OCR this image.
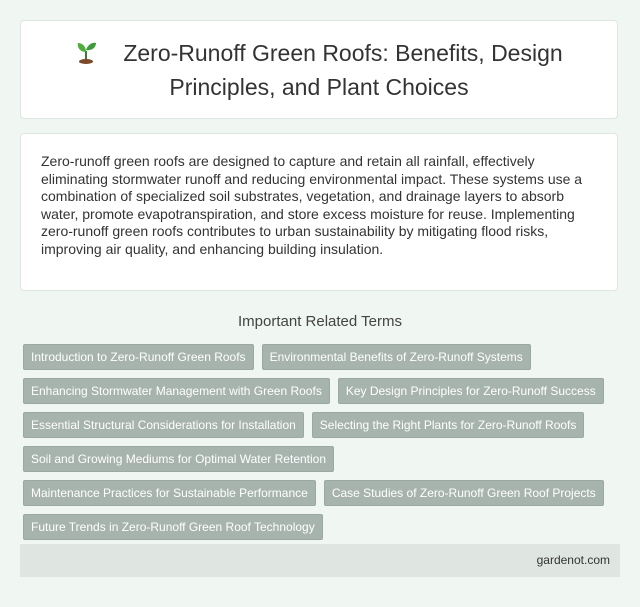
Zero-Runoff Green Roofs: Benefits, Design Principles, and Plant Choices

Zero-runoff green roofs are designed to capture and retain all rainfall, effectively eliminating stormwater runoff and reducing environmental impact. These systems use a combination of specialized soil substrates, vegetation, and drainage layers to absorb water, promote evapotranspiration, and store excess moisture for reuse. Implementing zero-runoff green roofs contributes to urban sustainability by mitigating flood risks, improving air quality, and enhancing building insulation.

Important Related Terms
Introduction to Zero-Runoff Green Roofs	Environmental Benefits of Zero-Runoff Systems
Enhancing Stormwater Management with Green Roofs	Key Design Principles for Zero-Runoff Success
Essential Structural Considerations for Installation	Selecting the Right Plants for Zero-Runoff Roofs
Soil and Growing Mediums for Optimal Water Retention
Maintenance Practices for Sustainable Performance	Case Studies of Zero-Runoff Green Roof Projects
Future Trends in Zero-Runoff Green Roof Technology
gardenot.com
